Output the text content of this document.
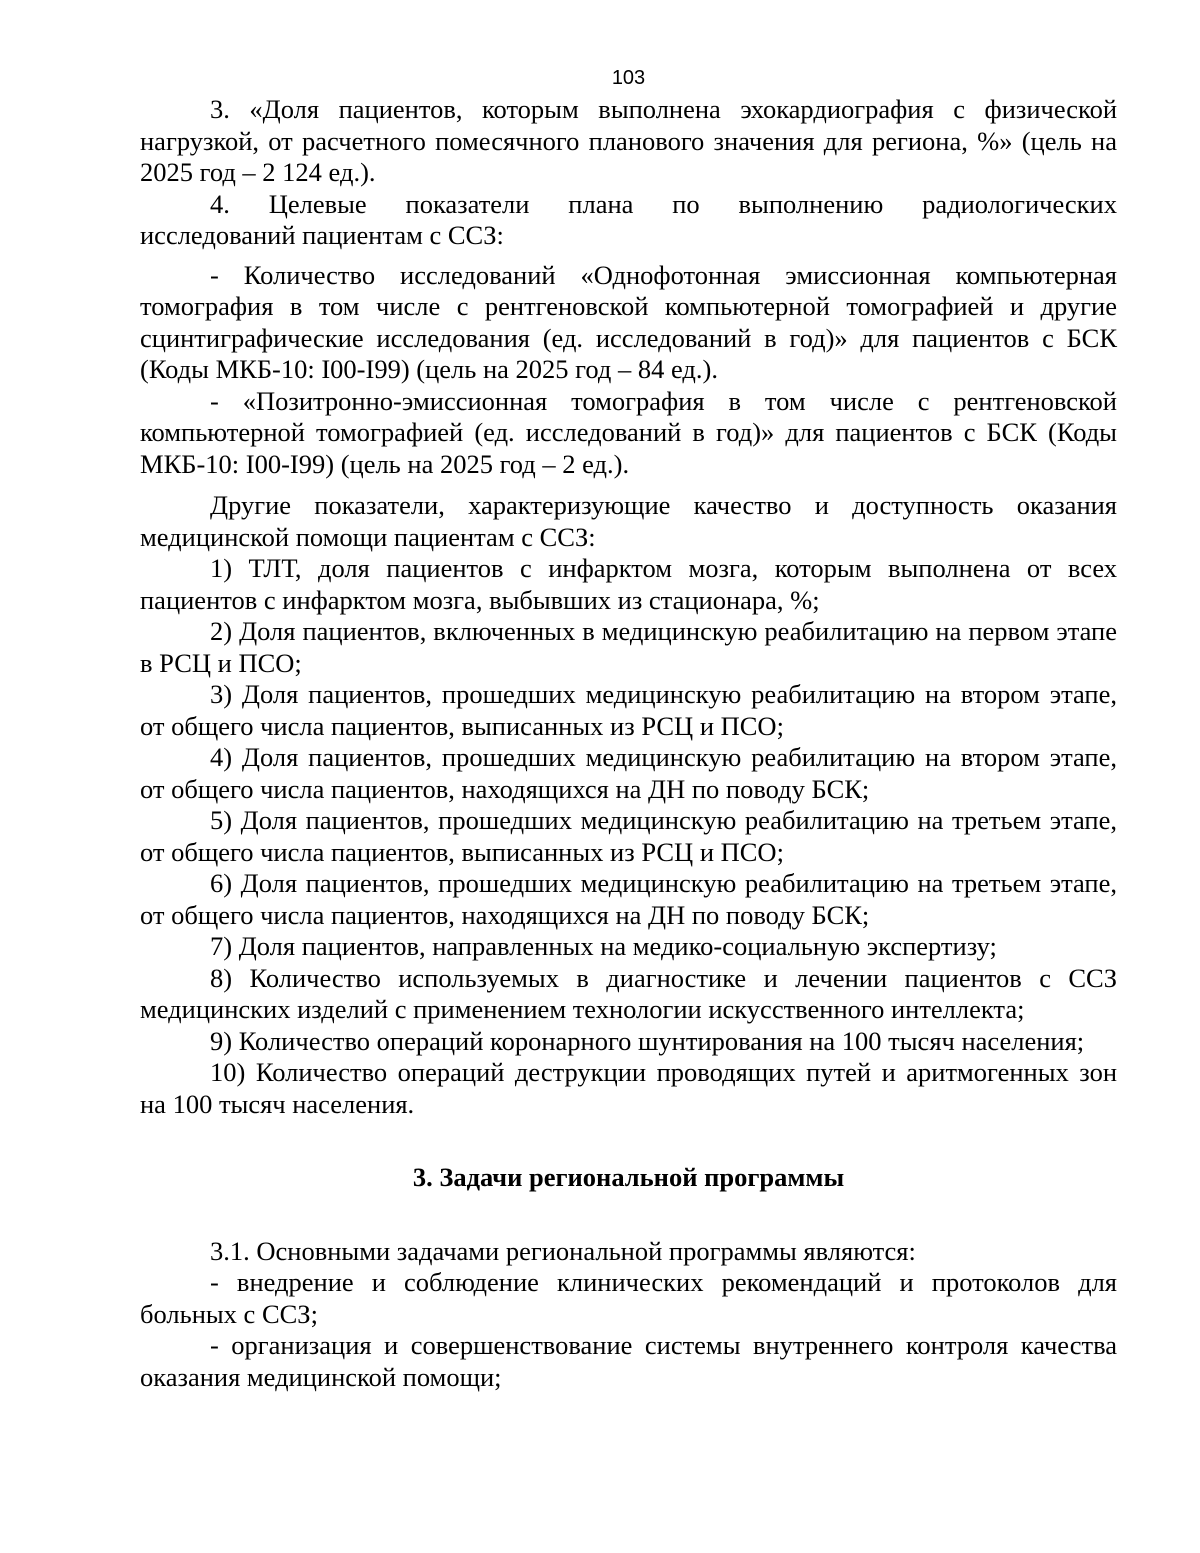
103

3. «Доля пациентов, которым выполнена эхокардиография с физической нагрузкой, от расчетного помесячного планового значения для региона, %» (цель на 2025 год – 2 124 ед.).

4. Целевые показатели плана по выполнению радиологических

исследований пациентам с ССЗ:

- Количество исследований «Однофотонная эмиссионная компьютерная томография в том числе с рентгеновской компьютерной томографией и другие сцинтиграфические исследования (ед. исследований в год)» для пациентов с БСК (Коды МКБ-10: I00-I99) (цель на 2025 год – 84 ед.).

- «Позитронно-эмиссионная томография в том числе с рентгеновской компьютерной томографией (ед. исследований в год)» для пациентов с БСК (Коды МКБ-10: I00-I99) (цель на 2025 год – 2 ед.).

Другие показатели, характеризующие качество и доступность оказания медицинской помощи пациентам с ССЗ:

1) ТЛТ, доля пациентов с инфарктом мозга, которым выполнена от всех пациентов с инфарктом мозга, выбывших из стационара, %;

2) Доля пациентов, включенных в медицинскую реабилитацию на первом этапе в РСЦ и ПСО;

3) Доля пациентов, прошедших медицинскую реабилитацию на втором этапе, от общего числа пациентов, выписанных из РСЦ и ПСО;

4) Доля пациентов, прошедших медицинскую реабилитацию на втором этапе, от общего числа пациентов, находящихся на ДН по поводу БСК;

5) Доля пациентов, прошедших медицинскую реабилитацию на третьем этапе, от общего числа пациентов, выписанных из РСЦ и ПСО;

6) Доля пациентов, прошедших медицинскую реабилитацию на третьем этапе, от общего числа пациентов, находящихся на ДН по поводу БСК;

7) Доля пациентов, направленных на медико-социальную экспертизу;

8) Количество используемых в диагностике и лечении пациентов с ССЗ медицинских изделий с применением технологии искусственного интеллекта;

9) Количество операций коронарного шунтирования на 100 тысяч населения;

10) Количество операций деструкции проводящих путей и аритмогенных зон на 100 тысяч населения.

3. Задачи региональной программы

3.1. Основными задачами региональной программы являются:

- внедрение и соблюдение клинических рекомендаций и протоколов для больных с ССЗ;

- организация и совершенствование системы внутреннего контроля качества оказания медицинской помощи;
